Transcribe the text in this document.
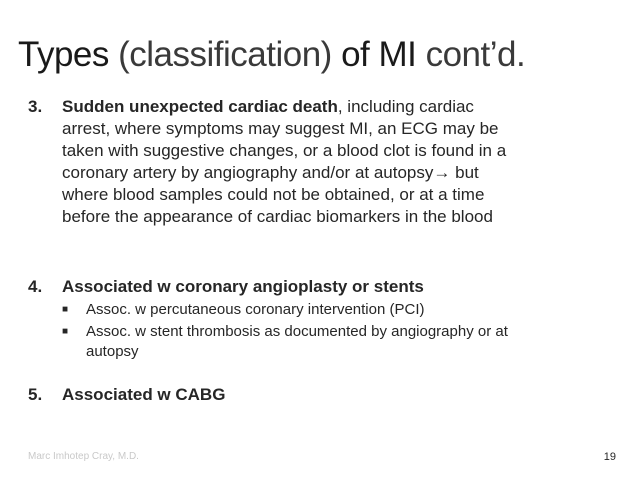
Types (classification) of MI cont’d.
3. Sudden unexpected cardiac death, including cardiac
arrest, where symptoms may suggest MI, an ECG may be
taken with suggestive changes, or a blood clot is found in a
coronary artery by angiography and/or at autopsy→ but
where blood samples could not be obtained, or at a time
before the appearance of cardiac biomarkers in the blood
4. Associated w coronary angioplasty or stents
■ Assoc. w percutaneous coronary intervention (PCI)
■ Assoc. w stent thrombosis as documented by angiography or at
autopsy
5. Associated w CABG
Marc Imhotep Cray, M.D.	19
